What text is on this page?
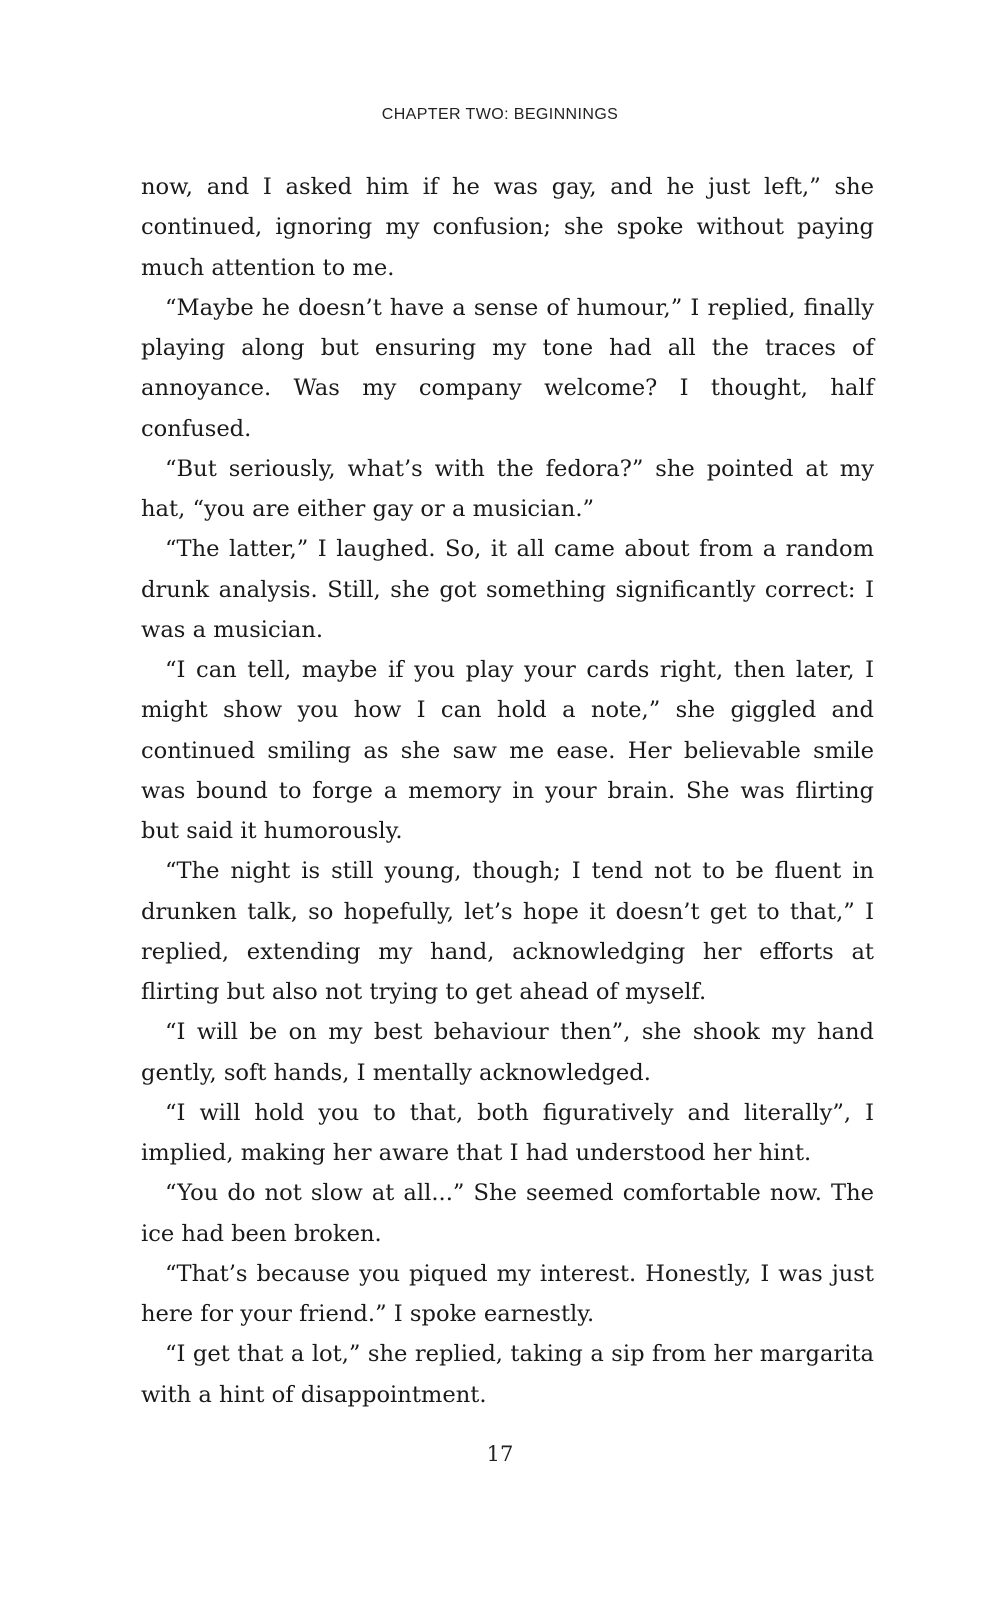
CHAPTER TWO: BEGINNINGS

now, and I asked him if he was gay, and he just left,” she continued, ignoring my confusion; she spoke without paying much attention to me.

“Maybe he doesn’t have a sense of humour,” I replied, finally playing along but ensuring my tone had all the traces of annoyance. Was my company welcome? I thought, half confused.

“But seriously, what’s with the fedora?” she pointed at my hat, “you are either gay or a musician.”

“The latter,” I laughed. So, it all came about from a random drunk analysis. Still, she got something significantly correct: I was a musician.

“I can tell, maybe if you play your cards right, then later, I might show you how I can hold a note,” she giggled and continued smiling as she saw me ease. Her believable smile was bound to forge a memory in your brain. She was flirting but said it humorously.

“The night is still young, though; I tend not to be fluent in drunken talk, so hopefully, let’s hope it doesn’t get to that,” I replied, extending my hand, acknowledging her efforts at flirting but also not trying to get ahead of myself.

“I will be on my best behaviour then”, she shook my hand gently, soft hands, I mentally acknowledged.

“I will hold you to that, both figuratively and literally”, I implied, making her aware that I had understood her hint.

“You do not slow at all...” She seemed comfortable now. The ice had been broken.

“That’s because you piqued my interest. Honestly, I was just here for your friend.” I spoke earnestly.

“I get that a lot,” she replied, taking a sip from her margarita with a hint of disappointment.

17
